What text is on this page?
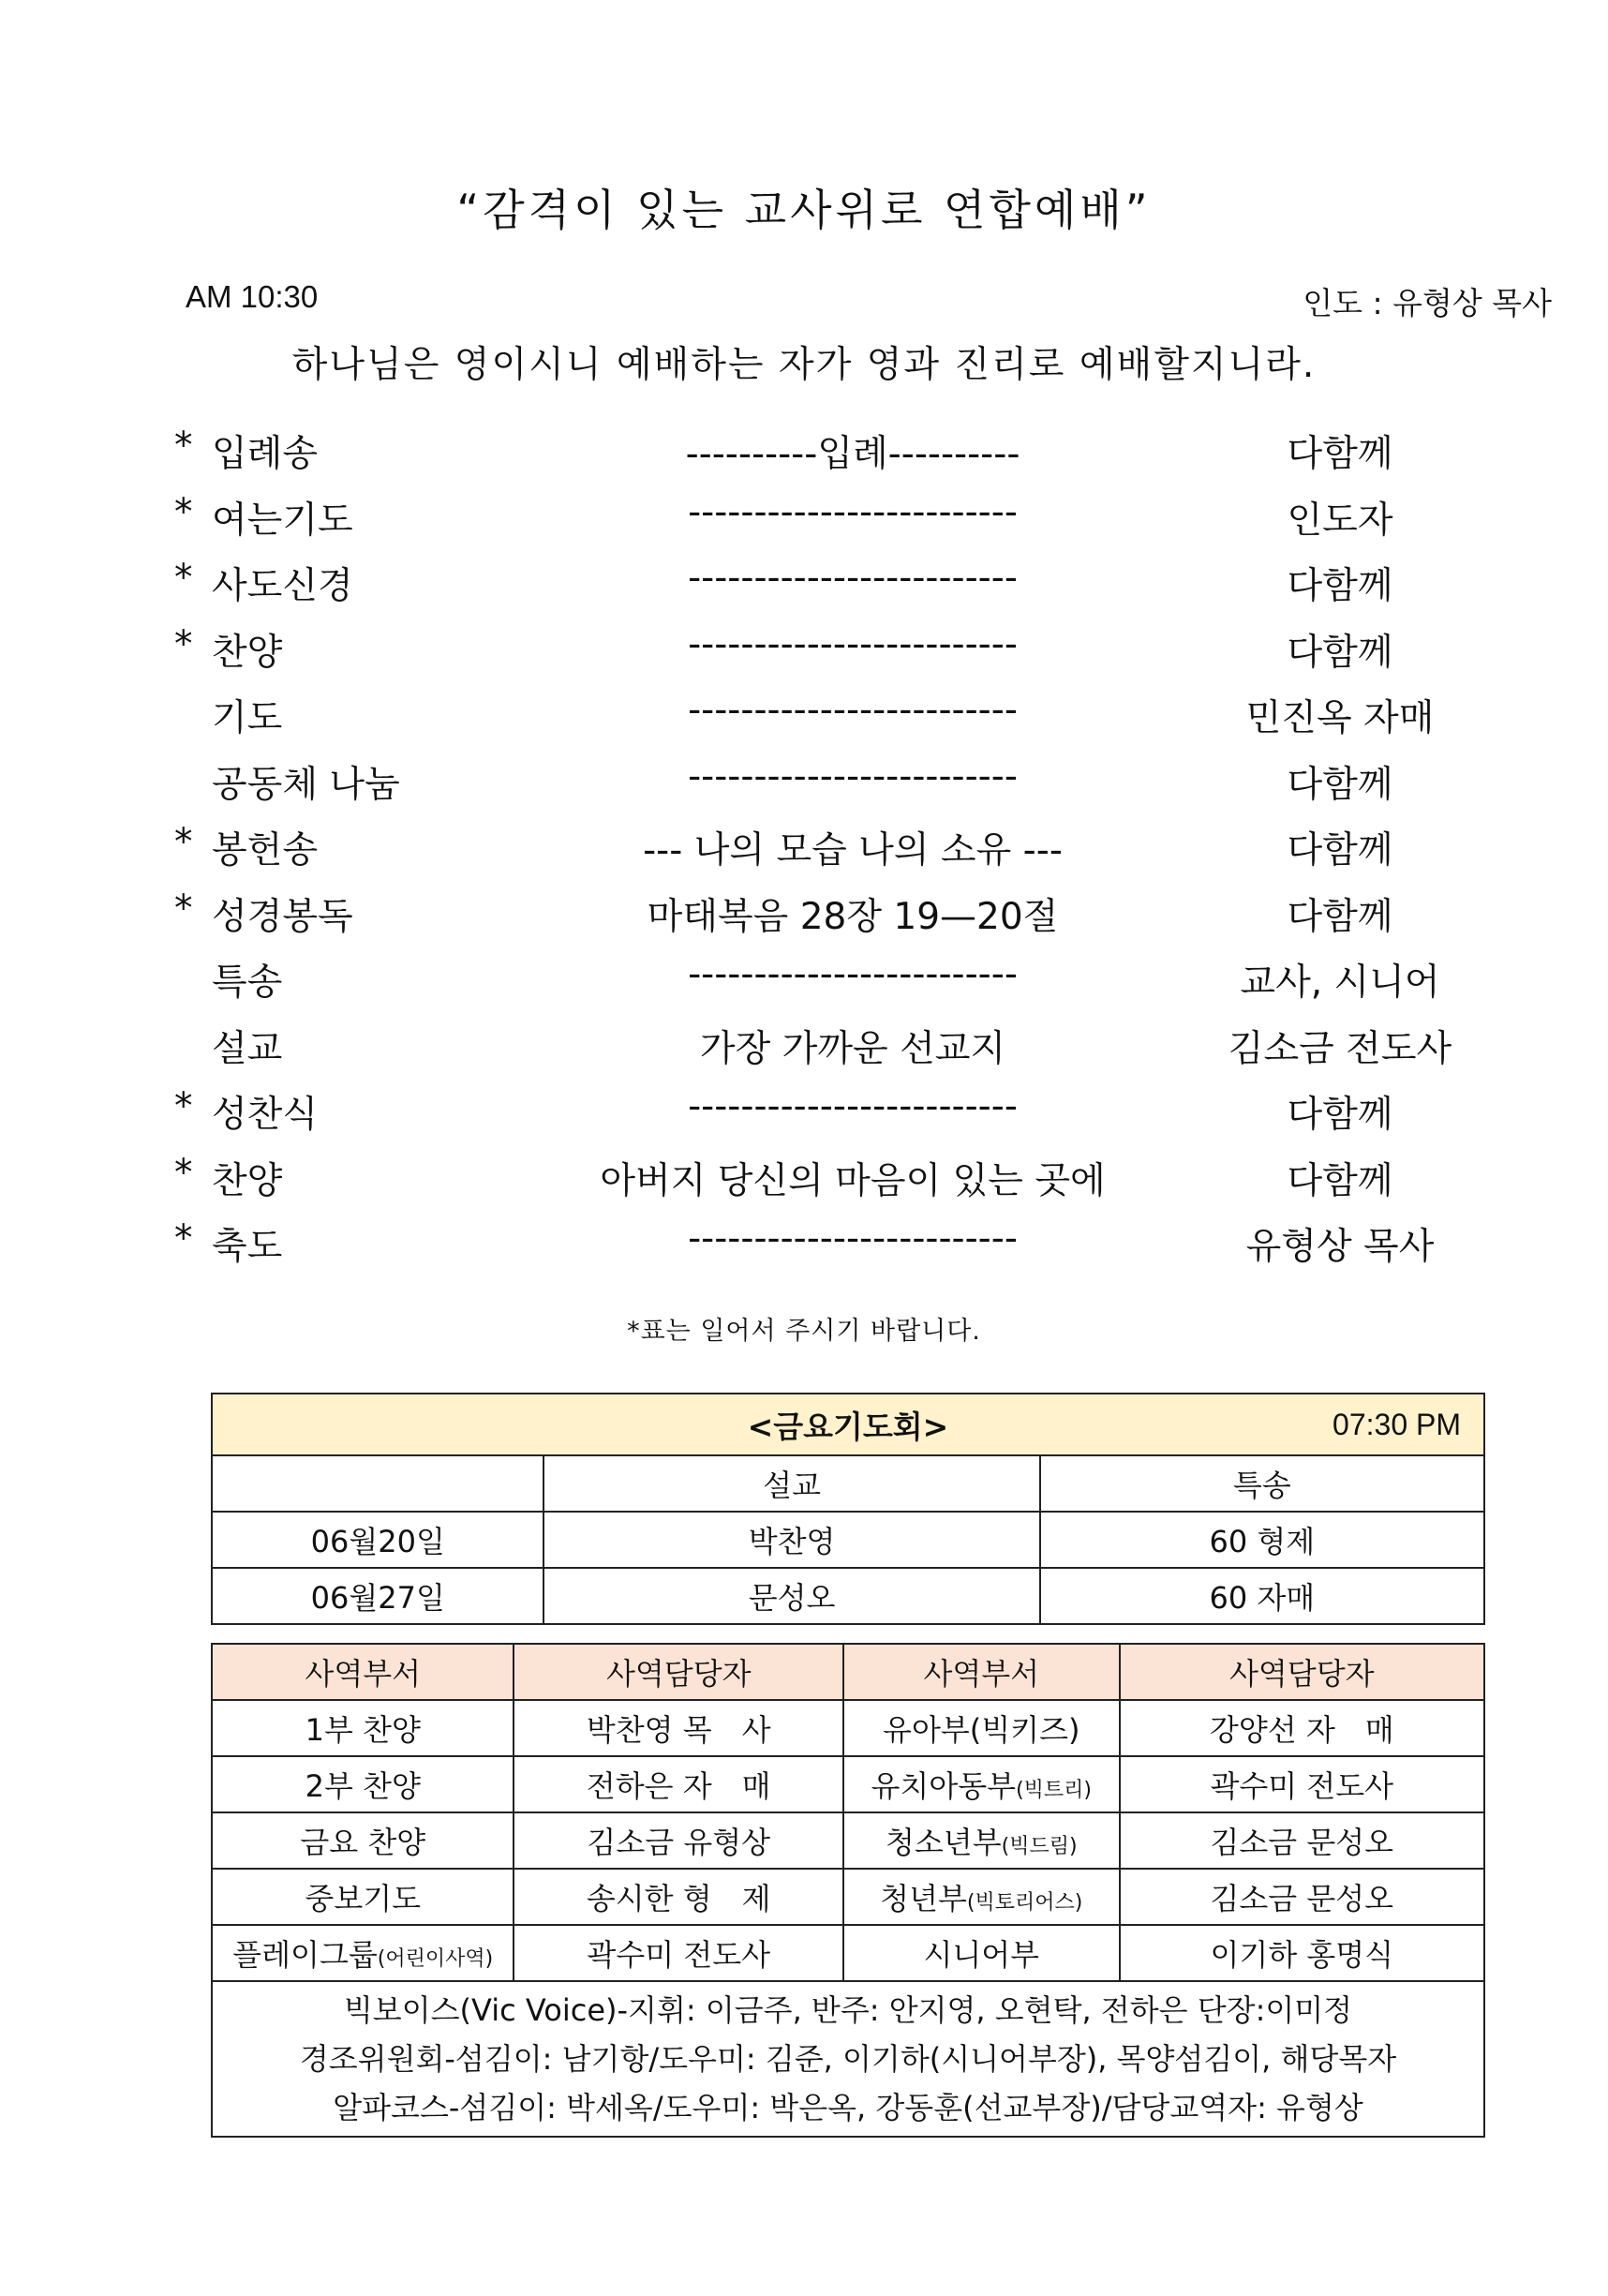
“감격이 있는 교사위로 연합예배”
AM 10:30	인도 : 유형상 목사
하나님은 영이시니 예배하는 자가 영과 진리로 예배할지니라.
* 입례송	----------입례----------	다함께
* 여는기도	-------------------------	인도자
* 사도신경	-------------------------	다함께
* 찬양	-------------------------	다함께
기도	-------------------------	민진옥 자매
공동체 나눔	-------------------------	다함께
* 봉헌송	--- 나의 모습 나의 소유 ---	다함께
* 성경봉독	마태복음 28장 19—20절	다함께
특송	-------------------------	교사, 시니어
설교	가장 가까운 선교지	김소금 전도사
* 성찬식	-------------------------	다함께
* 찬양	아버지 당신의 마음이 있는 곳에	다함께
* 축도	-------------------------	유형상 목사
*표는 일어서 주시기 바랍니다.
<금요기도회> 07:30 PM		

	설교	특송
06월20일	박찬영	60 형제
06월27일	문성오	60 자매
사역부서	사역담당자	사역부서	사역담당자
1부 찬양	박찬영 목　사	유아부(빅키즈)	강양선 자　매
2부 찬양	전하은 자　매	유치아동부(빅트리)	곽수미 전도사
금요 찬양	김소금 유형상	청소년부(빅드림)	김소금 문성오
중보기도	송시한 형　제	청년부(빅토리어스)	김소금 문성오
플레이그룹(어린이사역)	곽수미 전도사	시니어부	이기하 홍명식

빅보이스(Vic Voice)-지휘: 이금주, 반주: 안지영, 오현탁, 전하은 단장:이미정
경조위원회-섬김이: 남기항/도우미: 김준, 이기하(시니어부장), 목양섬김이, 해당목자
알파코스-섬김이: 박세옥/도우미: 박은옥, 강동훈(선교부장)/담당교역자: 유형상			
